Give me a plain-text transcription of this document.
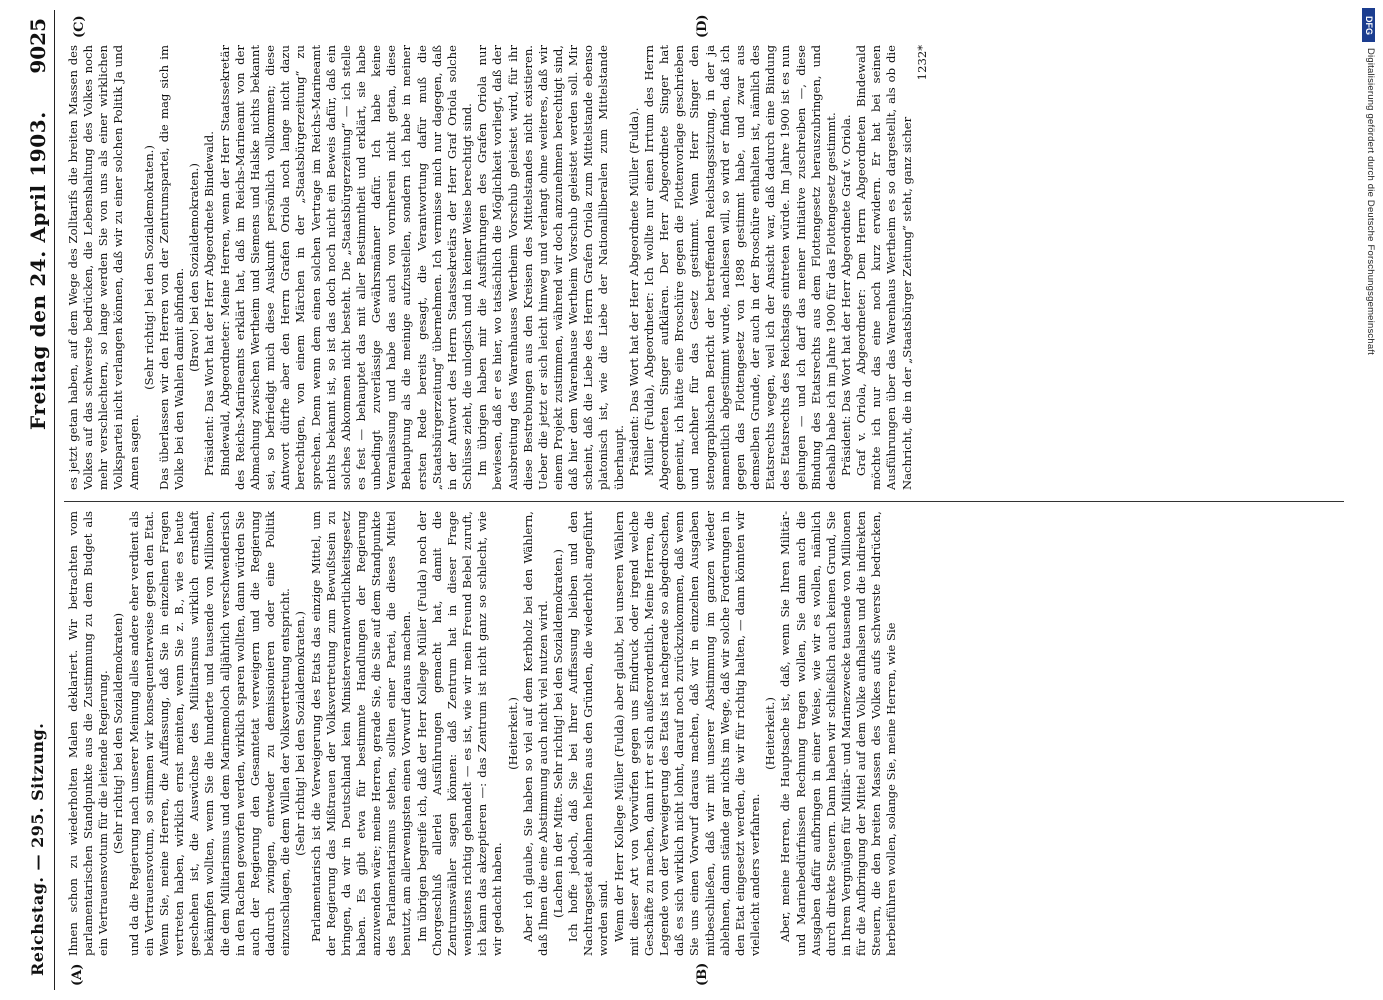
Reichstag. — 295. Sitzung.
Freitag den 24. April 1903.
9025
(A)	(B)
(C)	(D)

Ihnen schon zu wiederholten Malen deklariert. Wir betrachten vom parlamentarischen Standpunkte aus die Zustimmung zu dem Budget als ein Vertrauensvotum für die leitende Regierung. (Sehr richtig! bei den Sozialdemokraten) und da die Regierung nach unserer Meinung alles andere eher verdient als ein Vertrauensvotum, so stimmen wir konsequenterweise gegen den Etat. Wenn Sie, meine Herren, die Auffassung, daß Sie in einzelnen Fragen vertreten haben, wirklich ernst meinten, wenn Sie z. B., wie es heute geschehen ist, die Auswüchse des Militarismus wirklich ernsthaft bekämpfen wollten, wenn Sie die hunderte und tausende von Millionen, die dem Militarismus und dem Marinemoloch alljährlich verschwenderisch in den Rachen geworfen werden, wirklich sparen wollten, dann würden Sie auch der Regierung den Gesamtetat verweigern und die Regierung dadurch zwingen, entweder zu demissionieren oder eine Politik einzuschlagen, die dem Willen der Volksvertretung entspricht. (Sehr richtig! bei den Sozialdemokraten.) Parlamentarisch ist die Verweigerung des Etats das einzige Mittel, um der Regierung das Mißtrauen der Volksvertretung zum Bewußtsein zu bringen, da wir in Deutschland kein Ministerverantwortlichkeitsgesetz haben. Es gibt etwa für bestimmte Handlungen der Regierung anzuwenden wäre; meine Herren, gerade Sie, die Sie auf dem Standpunkte des Parlamentarismus stehen, sollten einer Partei, die dieses Mittel benutzt, am allerwenigsten einen Vorwurf daraus machen. Im übrigen begreife ich, daß der Herr Kollege Müller (Fulda) noch der Chorgeschluß allerlei Ausführungen gemacht hat, damit die Zentrumswähler sagen können: daß Zentrum hat in dieser Frage wenigstens richtig gehandelt — es ist, wie wir mein Freund Bebel zuruft, ich kann das akzeptieren —: das Zentrum ist nicht ganz so schlecht, wie wir gedacht haben.

(Heiterkeit.) Aber ich glaube, Sie haben so viel auf dem Kerbholz bei den Wählern, daß Ihnen die eine Abstimmung auch nicht viel nutzen wird. (Lachen in der Mitte. Sehr richtig! bei den Sozialdemokraten.) Ich hoffe jedoch, daß Sie bei Ihrer Auffassung bleiben und den Nachtragsetat ablehnen helfen aus den Gründen, die wiederholt angeführt worden sind. Wenn der Herr Kollege Müller (Fulda) aber glaubt, bei unseren Wählern mit dieser Art von Vorwürfen gegen uns Eindruck oder irgend welche Geschäfte zu machen, dann irrt er sich außerordentlich. Meine Herren, die Legende von der Verweigerung des Etats ist nachgerade so abgedroschen, daß es sich wirklich nicht lohnt, darauf noch zurückzukommen, daß wenn Sie uns einen Vorwurf daraus machen, daß wir in einzelnen Ausgaben mitbeschließen, daß wir mit unserer Abstimmung im ganzen wieder ablehnen, dann stände gar nichts im Wege, daß wir solche Forderungen in den Etat eingesetzt werden, die wir für richtig halten, — dann könnten wir vielleicht anders verfahren.

(Heiterkeit.) Aber, meine Herren, die Hauptsache ist, daß, wenn Sie Ihren Militär- und Marinebedürfnissen Rechnung tragen wollen, Sie dann auch die Ausgaben dafür aufbringen in einer Weise, wie wir es wollen, nämlich durch direkte Steuern. Dann haben wir schließlich auch keinen Grund, Sie in Ihrem Vergnügen für Militär- und Marinezwecke tausende von Millionen für die Aufbringung der Mittel auf dem Volke aufhalsen und die indirekten Steuern, die den breiten Massen des Volkes aufs schwerste bedrücken, herbeiführen wollen, solange Sie, meine Herren, wie Sie

es jetzt getan haben, auf dem Wege des Zolltarifs die breiten Massen des Volkes auf das schwerste bedrücken, die Lebenshaltung des Volkes noch mehr verschlechtern, so lange werden Sie von uns als einer wirklichen Volkspartei nicht verlangen können, daß wir zu einer solchen Politik Ja und Amen sagen.

(Sehr richtig! bei den Sozialdemokraten.) Das überlassen wir den Herren von der Zentrumspartei, die mag sich im Volke bei den Wahlen damit abfinden.

(Bravo! bei den Sozialdemokraten.) Präsident: Das Wort hat der Herr Abgeordnete Bindewald. Bindewald, Abgeordneter: Meine Herren, wenn der Herr Staatssekretär des Reichs-Marineamts erklärt hat, daß im Reichs-Marineamt von der Abmachung zwischen Wertheim und Siemens und Halske nichts bekannt sei, so befriedigt mich diese Auskunft persönlich vollkommen; diese Antwort dürfte aber den Herrn Grafen Oriola noch lange nicht dazu berechtigen, von einem Märchen in der „Staatsbürgerzeitung“ zu sprechen. Denn wenn dem einen solchen Vertrage im Reichs-Marineamt nichts bekannt ist, so ist das doch noch nicht ein Beweis dafür, daß ein solches Abkommen nicht besteht. Die „Staatsbürgerzeitung“ — ich stelle es fest — behauptet das mit aller Bestimmtheit und erklärt, sie habe unbedingt zuverlässige Gewährsmänner dafür. Ich habe keine Veranlassung und habe das auch von vornherein nicht getan, diese Behauptung als die meinige aufzustellen, sondern ich habe in meiner ersten Rede bereits gesagt, die Verantwortung dafür muß die „Staatsbürgerzeitung“ übernehmen. Ich vermisse mich nur dagegen, daß in der Antwort des Herrn Staatssekretärs der Herr Graf Oriola solche Schlüsse zieht, die unlogisch und in keiner Weise berechtigt sind. Im übrigen haben mir die Ausführungen des Grafen Oriola nur bewiesen, daß er es hier, wo tatsächlich die Möglichkeit vorliegt, daß der Ausbreitung des Warenhauses Wertheim Vorschub geleistet wird, für ihr diese Bestrebungen aus den Kreisen des Mittelstandes nicht existieren. Ueber die jetzt er sich leicht hinweg und verlangt ohne weiteres, daß wir einem Projekt zustimmen, während wir doch anzunehmen berechtigt sind, daß hier dem Warenhause Wertheim Vorschub geleistet werden soll. Mir scheint, daß die Liebe des Herrn Grafen Oriola zum Mittelstande ebenso platonisch ist, wie die Liebe der Nationalliberalen zum Mittelstande überhaupt. Präsident: Das Wort hat der Herr Abgeordnete Müller (Fulda). Müller (Fulda), Abgeordneter: Ich wollte nur einen Irrtum des Herrn Abgeordneten Singer aufklären. Der Herr Abgeordnete Singer hat gemeint, ich hätte eine Broschüre gegen die Flottenvorlage geschrieben und nachher für das Gesetz gestimmt. Wenn Herr Singer den stenographischen Bericht der betreffenden Reichstagssitzung, in der ja namentlich abgestimmt wurde, nachlesen will, so wird er finden, daß ich gegen das Flottengesetz von 1898 gestimmt habe, und zwar aus demselben Grunde, der auch in der Broschüre enthalten ist, nämlich des Etatsrechts wegen, weil ich der Ansicht war, daß dadurch eine Bindung des Etatsrechts des Reichstags eintreten würde. Im Jahre 1900 ist es nun gelungen — und ich darf das meiner Initiative zuschreiben —, diese Bindung des Etatsrechts aus dem Flottengesetz herauszubringen, und deshalb habe ich im Jahre 1900 für das Flottengesetz gestimmt. Präsident: Das Wort hat der Herr Abgeordnete Graf v. Oriola. Graf v. Oriola, Abgeordneter: Dem Herrn Abgeordneten Bindewald möchte ich nur das eine noch kurz erwidern. Er hat bei seinen Ausführungen über das Warenhaus Wertheim es so dargestellt, als ob die Nachricht, die in der „Staatsbürger Zeitung“ steht, ganz sicher

1232*

DFG
Digitalisierung gefördert durch die Deutsche Forschungsgemeinschaft
